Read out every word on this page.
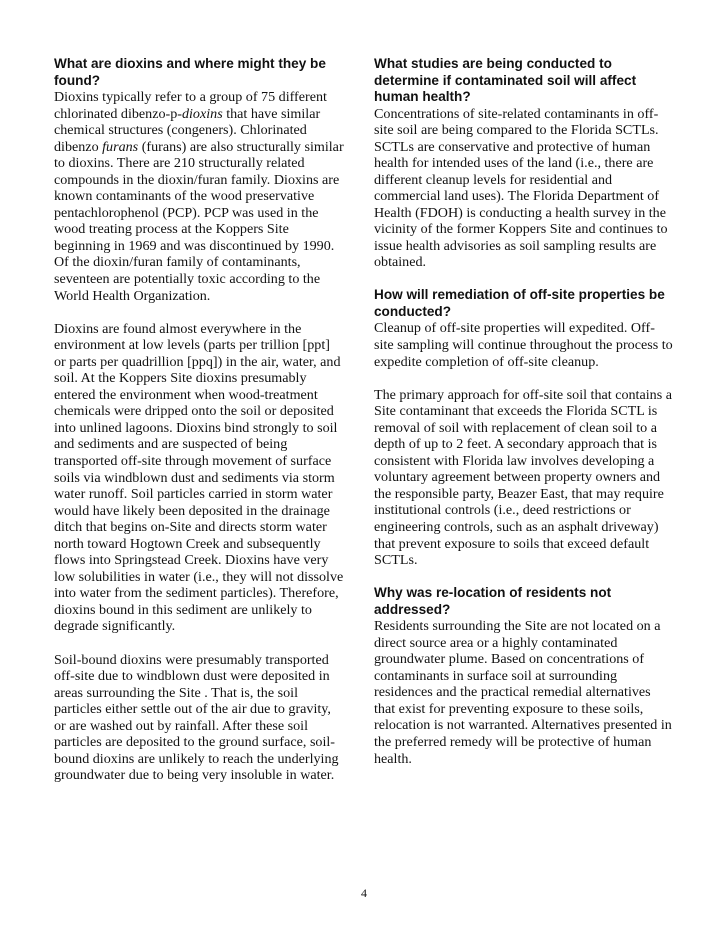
What are dioxins and where might they be found?

Dioxins typically refer to a group of 75 different chlorinated dibenzo-p-dioxins that have similar chemical structures (congeners). Chlorinated dibenzo furans (furans) are also structurally similar to dioxins. There are 210 structurally related compounds in the dioxin/furan family. Dioxins are known contaminants of the wood preservative pentachlorophenol (PCP). PCP was used in the wood treating process at the Koppers Site beginning in 1969 and was discontinued by 1990. Of the dioxin/furan family of contaminants, seventeen are potentially toxic according to the World Health Organization.

Dioxins are found almost everywhere in the environment at low levels (parts per trillion [ppt] or parts per quadrillion [ppq]) in the air, water, and soil. At the Koppers Site dioxins presumably entered the environment when wood-treatment chemicals were dripped onto the soil or deposited into unlined lagoons. Dioxins bind strongly to soil and sediments and are suspected of being transported off-site through movement of surface soils via windblown dust and sediments via storm water runoff. Soil particles carried in storm water would have likely been deposited in the drainage ditch that begins on-Site and directs storm water north toward Hogtown Creek and subsequently flows into Springstead Creek. Dioxins have very low solubilities in water (i.e., they will not dissolve into water from the sediment particles). Therefore, dioxins bound in this sediment are unlikely to degrade significantly.

Soil-bound dioxins were presumably transported off-site due to windblown dust were deposited in areas surrounding the Site . That is, the soil particles either settle out of the air due to gravity, or are washed out by rainfall. After these soil particles are deposited to the ground surface, soil-bound dioxins are unlikely to reach the underlying groundwater due to being very insoluble in water.

What studies are being conducted to determine if contaminated soil will affect human health?

Concentrations of site-related contaminants in off-site soil are being compared to the Florida SCTLs. SCTLs are conservative and protective of human health for intended uses of the land (i.e., there are different cleanup levels for residential and commercial land uses). The Florida Department of Health (FDOH) is conducting a health survey in the vicinity of the former Koppers Site and continues to issue health advisories as soil sampling results are obtained.

How will remediation of off-site properties be conducted?

Cleanup of off-site properties will expedited. Off-site sampling will continue throughout the process to expedite completion of off-site cleanup.

The primary approach for off-site soil that contains a Site contaminant that exceeds the Florida SCTL is removal of soil with replacement of clean soil to a depth of up to 2 feet. A secondary approach that is consistent with Florida law involves developing a voluntary agreement between property owners and the responsible party, Beazer East, that may require institutional controls (i.e., deed restrictions or engineering controls, such as an asphalt driveway) that prevent exposure to soils that exceed default SCTLs.

Why was re-location of residents not addressed?

Residents surrounding the Site are not located on a direct source area or a highly contaminated groundwater plume. Based on concentrations of contaminants in surface soil at surrounding residences and the practical remedial alternatives that exist for preventing exposure to these soils, relocation is not warranted. Alternatives presented in the preferred remedy will be protective of human health.

4
